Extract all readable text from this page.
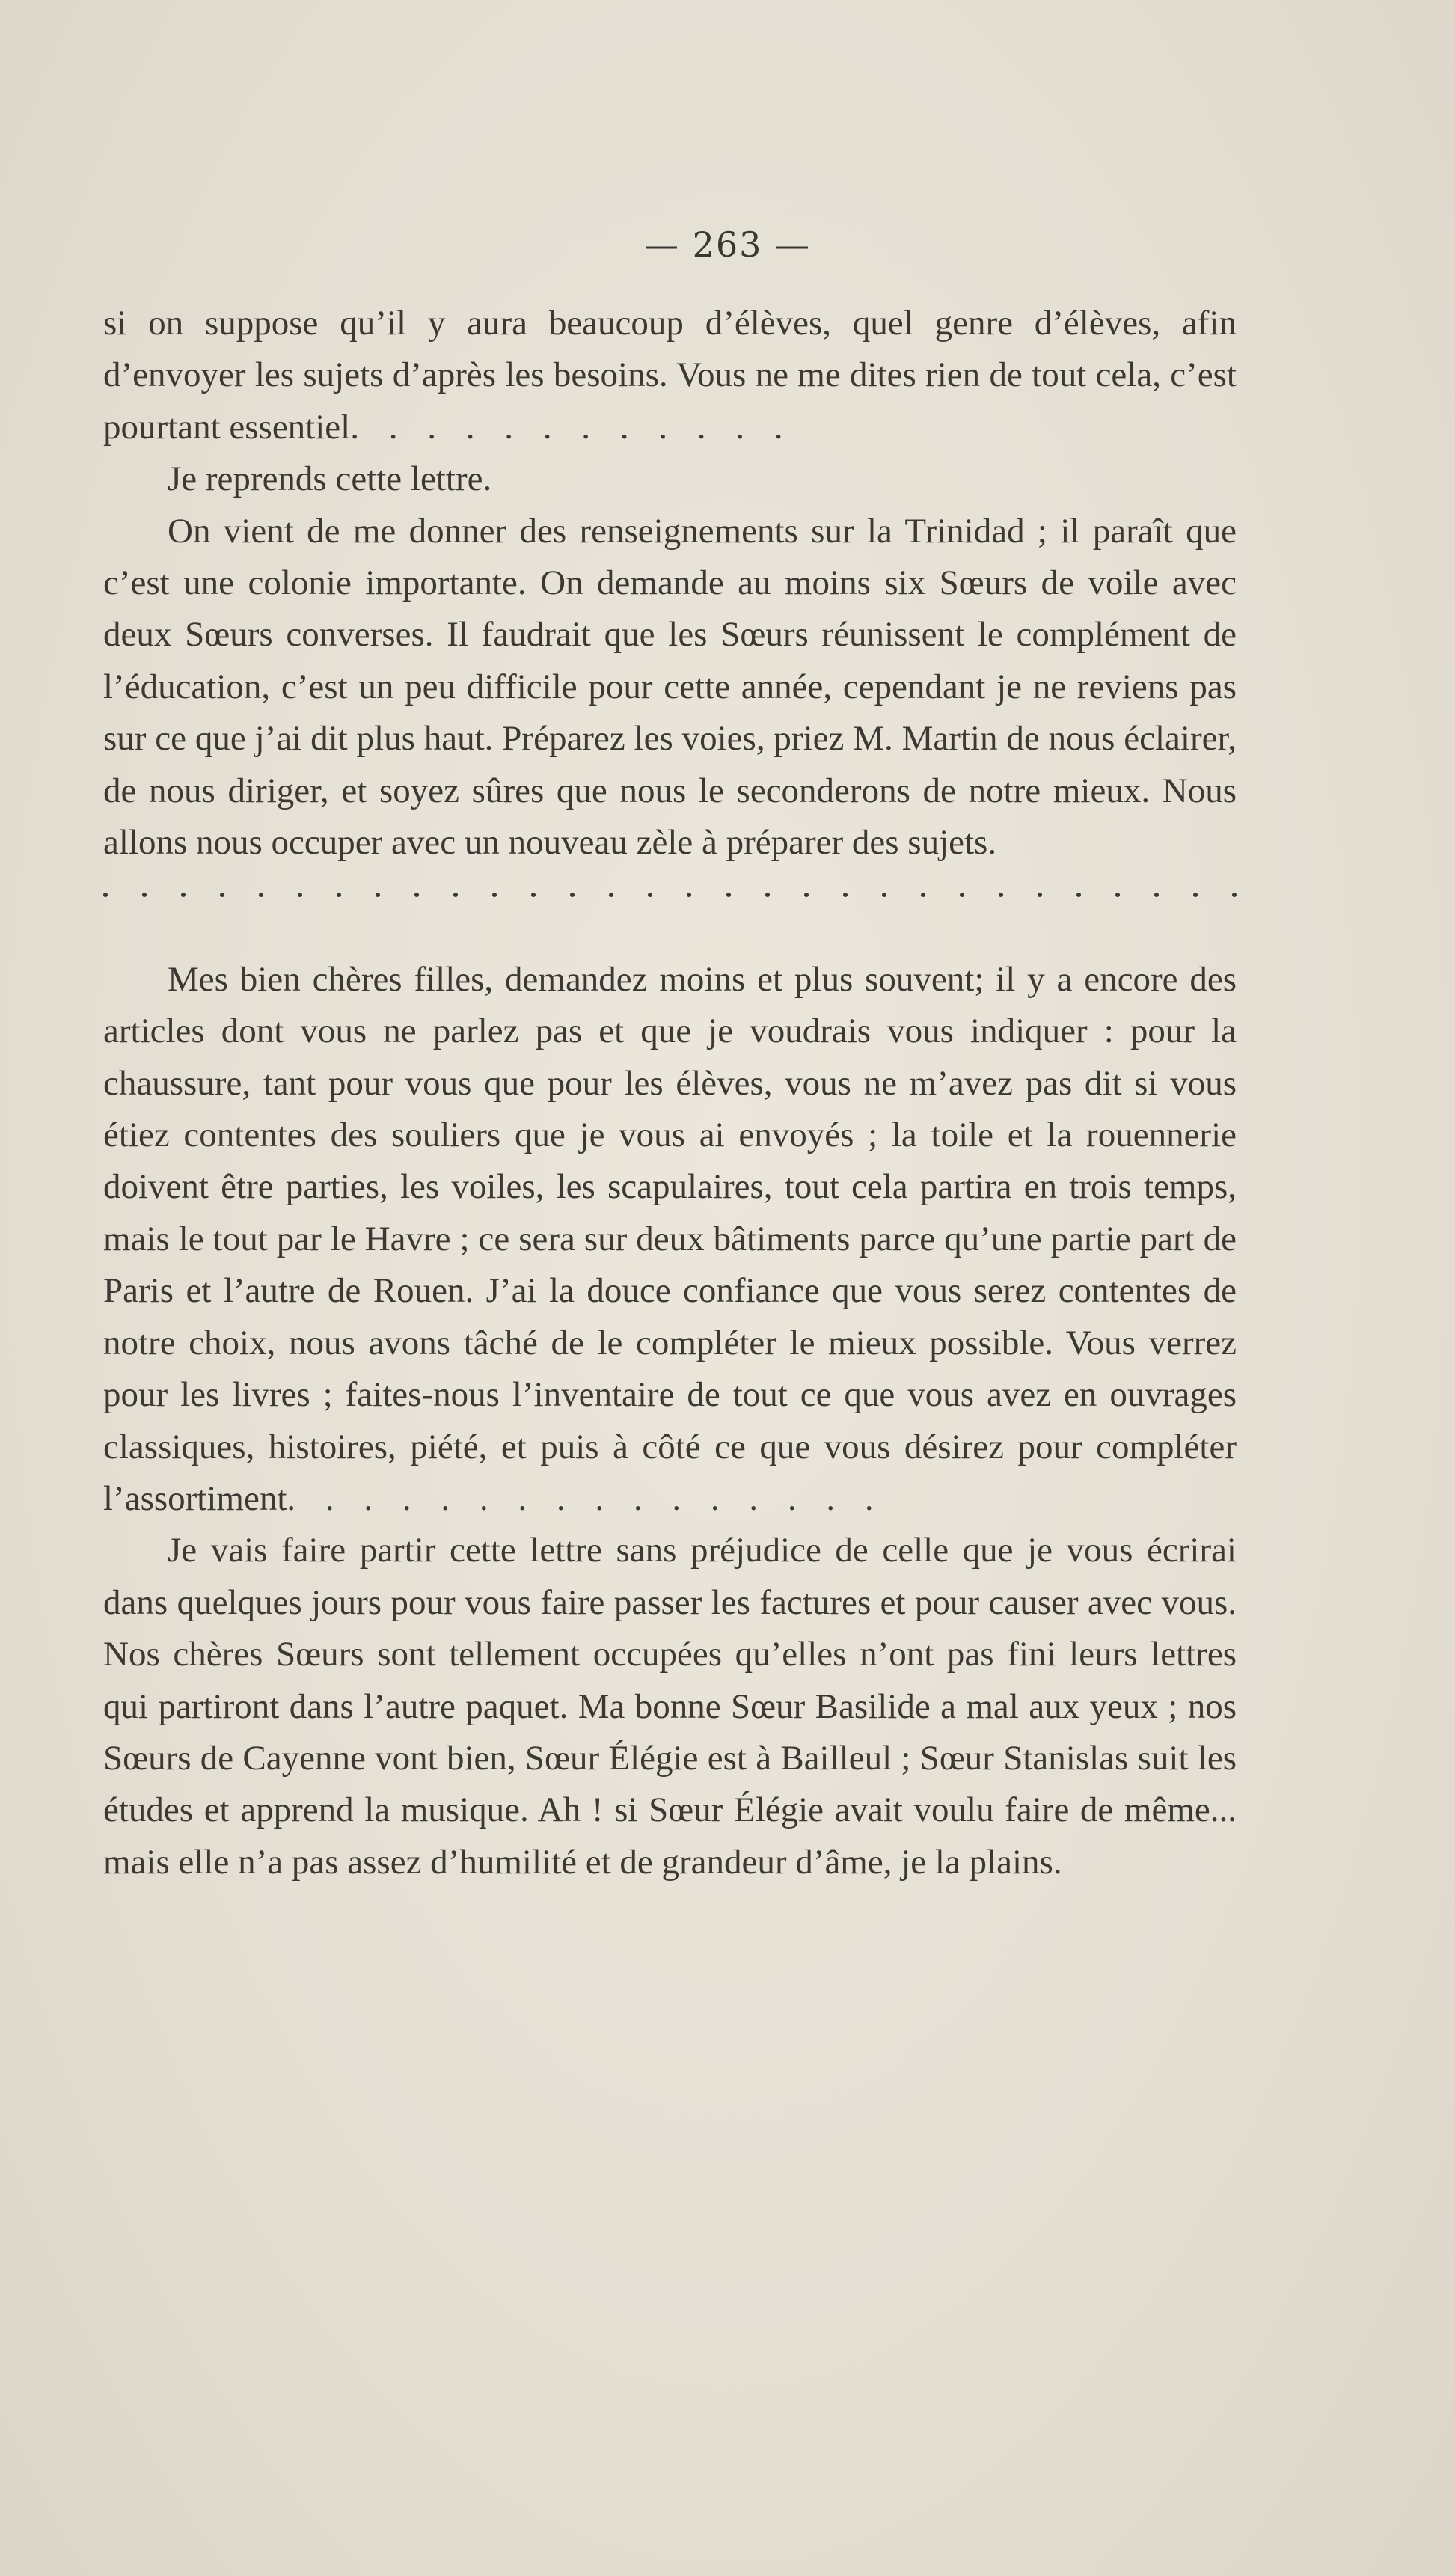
— 263 —

si on suppose qu’il y aura beaucoup d’élèves, quel genre d’élèves, afin d’envoyer les sujets d’après les besoins. Vous ne me dites rien de tout cela, c’est pourtant essentiel. . . . . . . . . . . .

Je reprends cette lettre.

On vient de me donner des renseignements sur la Trinidad ; il paraît que c’est une colonie importante. On demande au moins six Sœurs de voile avec deux Sœurs converses. Il faudrait que les Sœurs réunissent le complément de l’éducation, c’est un peu difficile pour cette année, cependant je ne reviens pas sur ce que j’ai dit plus haut. Préparez les voies, priez M. Martin de nous éclairer, de nous diriger, et soyez sûres que nous le seconderons de notre mieux. Nous allons nous occuper avec un nouveau zèle à préparer des sujets.

Mes bien chères filles, demandez moins et plus souvent; il y a encore des articles dont vous ne parlez pas et que je voudrais vous indiquer : pour la chaussure, tant pour vous que pour les élèves, vous ne m’avez pas dit si vous étiez contentes des souliers que je vous ai envoyés ; la toile et la rouennerie doivent être parties, les voiles, les scapulaires, tout cela partira en trois temps, mais le tout par le Havre ; ce sera sur deux bâtiments parce qu’une partie part de Paris et l’autre de Rouen. J’ai la douce confiance que vous serez contentes de notre choix, nous avons tâché de le compléter le mieux possible. Vous verrez pour les livres ; faites-nous l’inventaire de tout ce que vous avez en ouvrages classiques, histoires, piété, et puis à côté ce que vous désirez pour compléter l’assortiment. . . . . . . . . . . . . . . .

Je vais faire partir cette lettre sans préjudice de celle que je vous écrirai dans quelques jours pour vous faire passer les factures et pour causer avec vous. Nos chères Sœurs sont tellement occupées qu’elles n’ont pas fini leurs lettres qui partiront dans l’autre paquet. Ma bonne Sœur Basilide a mal aux yeux ; nos Sœurs de Cayenne vont bien, Sœur Élégie est à Bailleul ; Sœur Stanislas suit les études et apprend la musique. Ah ! si Sœur Élégie avait voulu faire de même... mais elle n’a pas assez d’humilité et de grandeur d’âme, je la plains.
